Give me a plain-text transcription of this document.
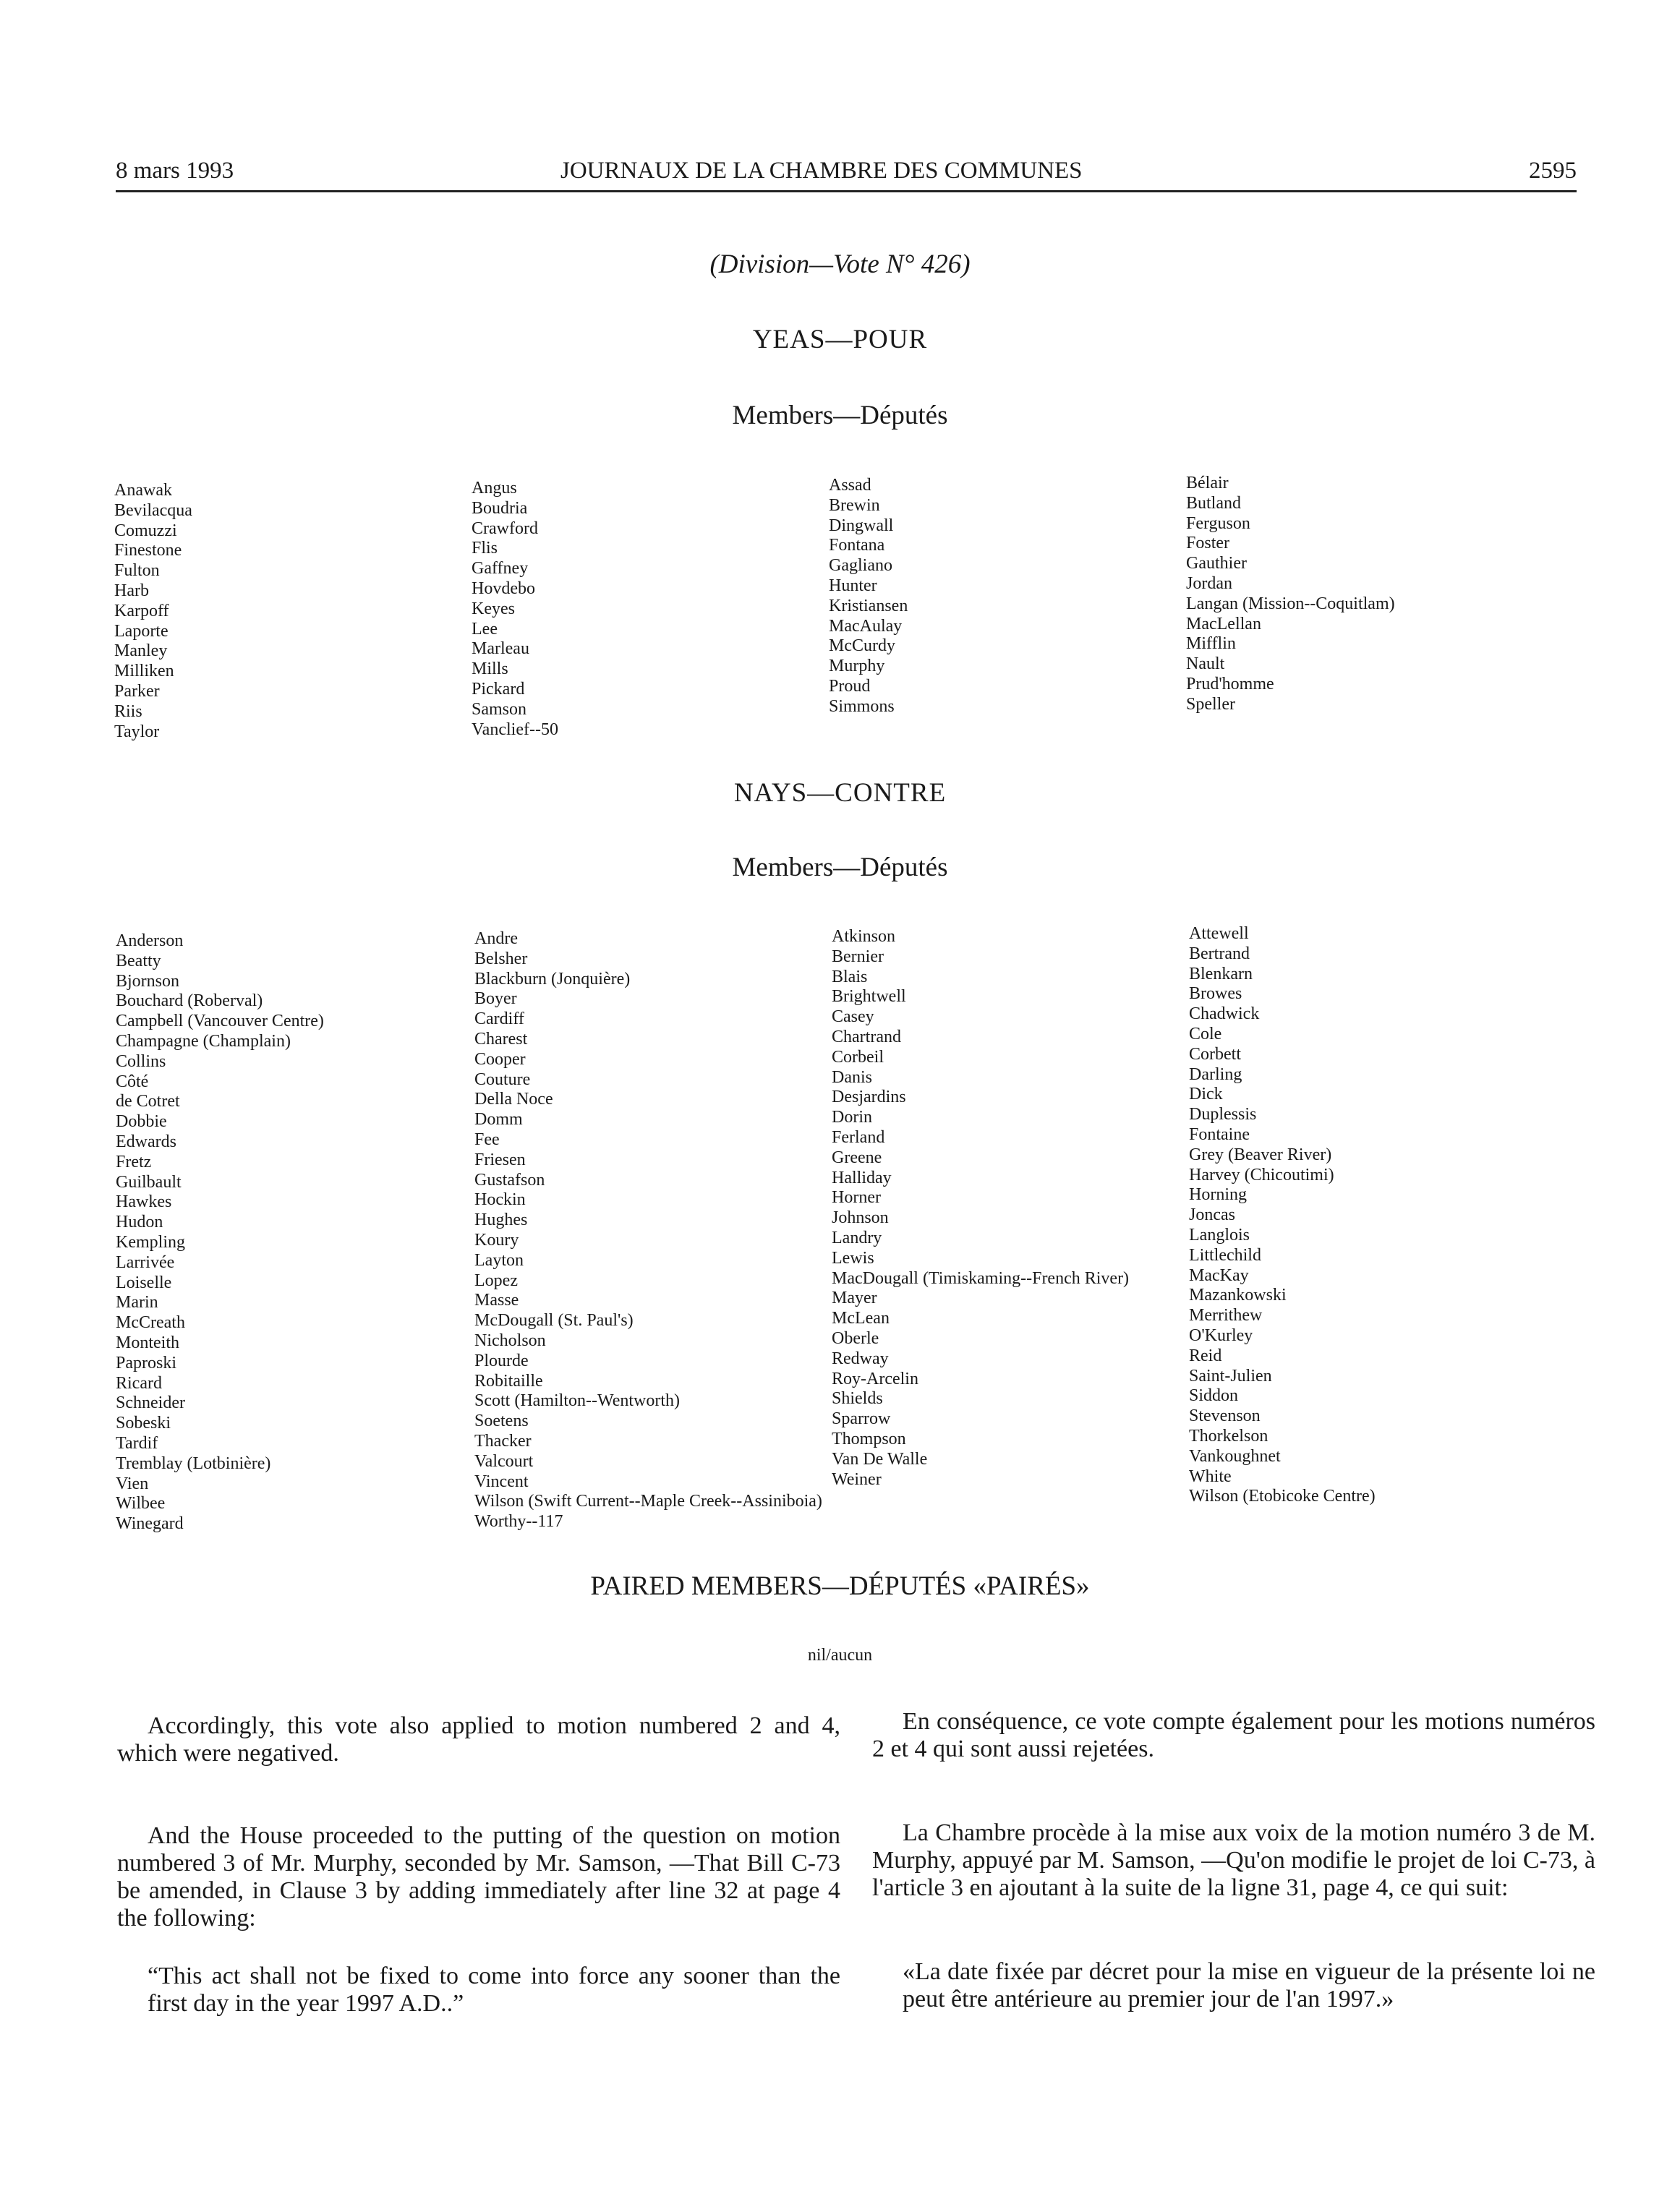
8 mars 1993	JOURNAUX DE LA CHAMBRE DES COMMUNES	2595
(Division—Vote N° 426)
YEAS—POUR
Members—Députés
Anawak
Bevilacqua
Comuzzi
Finestone
Fulton
Harb
Karpoff
Laporte
Manley
Milliken
Parker
Riis
Taylor
Angus
Boudria
Crawford
Flis
Gaffney
Hovdebo
Keyes
Lee
Marleau
Mills
Pickard
Samson
Vanclief--50
Assad
Brewin
Dingwall
Fontana
Gagliano
Hunter
Kristiansen
MacAulay
McCurdy
Murphy
Proud
Simmons
Bélair
Butland
Ferguson
Foster
Gauthier
Jordan
Langan (Mission--Coquitlam)
MacLellan
Mifflin
Nault
Prud'homme
Speller
NAYS—CONTRE
Members—Députés
Anderson
Beatty
Bjornson
Bouchard (Roberval)
Campbell (Vancouver Centre)
Champagne (Champlain)
Collins
Côté
de Cotret
Dobbie
Edwards
Fretz
Guilbault
Hawkes
Hudon
Kempling
Larrivée
Loiselle
Marin
McCreath
Monteith
Paproski
Ricard
Schneider
Sobeski
Tardif
Tremblay (Lotbinière)
Vien
Wilbee
Winegard
Andre
Belsher
Blackburn (Jonquière)
Boyer
Cardiff
Charest
Cooper
Couture
Della Noce
Domm
Fee
Friesen
Gustafson
Hockin
Hughes
Koury
Layton
Lopez
Masse
McDougall (St. Paul's)
Nicholson
Plourde
Robitaille
Scott (Hamilton--Wentworth)
Soetens
Thacker
Valcourt
Vincent
Wilson (Swift Current--Maple Creek--Assiniboia)
Worthy--117
Atkinson
Bernier
Blais
Brightwell
Casey
Chartrand
Corbeil
Danis
Desjardins
Dorin
Ferland
Greene
Halliday
Horner
Johnson
Landry
Lewis
MacDougall (Timiskaming--French River)
Mayer
McLean
Oberle
Redway
Roy-Arcelin
Shields
Sparrow
Thompson
Van De Walle
Weiner
Attewell
Bertrand
Blenkarn
Browes
Chadwick
Cole
Corbett
Darling
Dick
Duplessis
Fontaine
Grey (Beaver River)
Harvey (Chicoutimi)
Horning
Joncas
Langlois
Littlechild
MacKay
Mazankowski
Merrithew
O'Kurley
Reid
Saint-Julien
Siddon
Stevenson
Thorkelson
Vankoughnet
White
Wilson (Etobicoke Centre)
PAIRED MEMBERS—DÉPUTÉS «PAIRÉS»
nil/aucun

Accordingly, this vote also applied to motion numbered 2 and 4, which were negatived.

And the House proceeded to the putting of the question on motion numbered 3 of Mr. Murphy, seconded by Mr. Samson, —That Bill C-73 be amended, in Clause 3 by adding immediately after line 32 at page 4 the following:

“This act shall not be fixed to come into force any sooner than the first day in the year 1997 A.D..”

En conséquence, ce vote compte également pour les motions numéros 2 et 4 qui sont aussi rejetées.

La Chambre procède à la mise aux voix de la motion numéro 3 de M. Murphy, appuyé par M. Samson, —Qu'on modifie le projet de loi C-73, à l'article 3 en ajoutant à la suite de la ligne 31, page 4, ce qui suit:

«La date fixée par décret pour la mise en vigueur de la présente loi ne peut être antérieure au premier jour de l'an 1997.»
